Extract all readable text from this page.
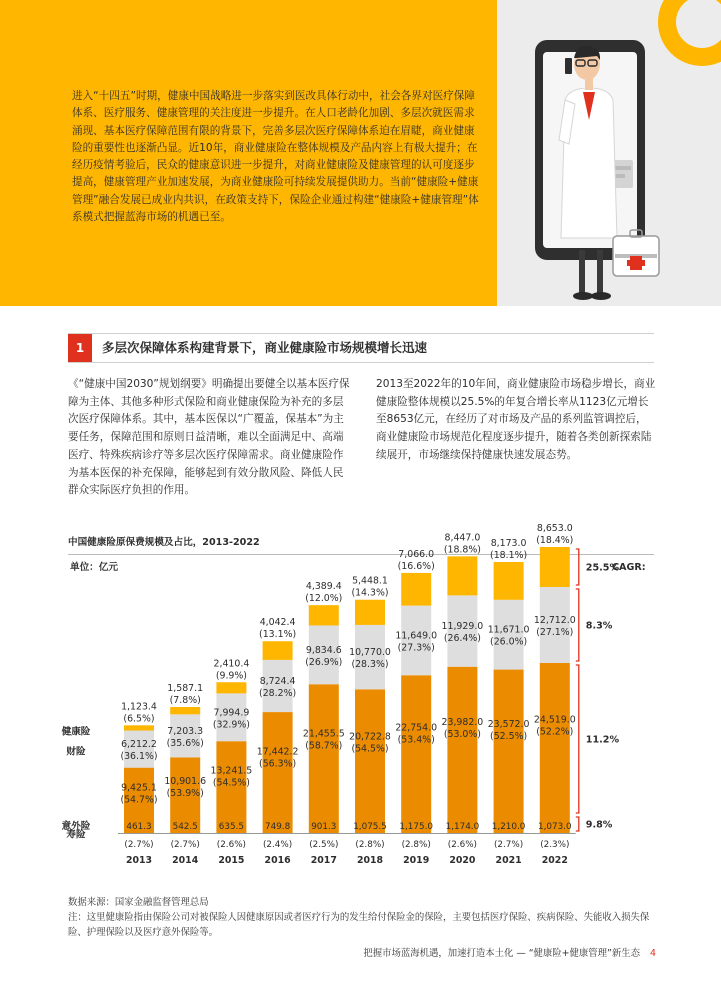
进入“十四五”时期，健康中国战略进一步落实到医改具体行动中，社会各界对医疗保障体系、医疗服务、健康管理的关注度进一步提升。在人口老龄化加剧、多层次就医需求涌现、基本医疗保障范围有限的背景下，完善多层次医疗保障体系迫在眉睫，商业健康险的重要性也逐渐凸显。近10年，商业健康险在整体规模及产品内容上有极大提升；在经历疫情考验后，民众的健康意识进一步提升，对商业健康险及健康管理的认可度逐步提高，健康管理产业加速发展，为商业健康险可持续发展提供助力。当前“健康险+健康管理”融合发展已成业内共识，在政策支持下，保险企业通过构建“健康险+健康管理”体系模式把握蓝海市场的机遇已至。

1	多层次保障体系构建背景下，商业健康险市场规模增长迅速

《“健康中国2030”规划纲要》明确提出要健全以基本医疗保障为主体、其他多种形式保险和商业健康保险为补充的多层次医疗保障体系。其中，基本医保以“广覆盖，保基本”为主要任务，保障范围和原则日益清晰，难以全面满足中、高端医疗、特殊疾病诊疗等多层次医疗保障需求。商业健康险作为基本医保的补充保障，能够起到有效分散风险、降低人民群众实际医疗负担的作用。

2013至2022年的10年间，商业健康险市场稳步增长，商业健康险整体规模以25.5%的年复合增长率从1123亿元增长至8653亿元，在经历了对市场及产品的系列监管调控后，商业健康险市场规范化程度逐步提升，随着各类创新探索陆续展开，市场继续保持健康快速发展态势。

中国健康险原保费规模及占比，2013-2022
单位：亿元	CAGR:
461.3
(2.7%)
2013
9,425.1
(54.7%)
6,212.2
(36.1%)
1,123.4
(6.5%)
542.5
(2.7%)
2014
10,901.6
(53.9%)
7,203.3
(35.6%)
1,587.1
(7.8%)
635.5
(2.6%)
2015
13,241.5
(54.5%)
7,994.9
(32.9%)
2,410.4
(9.9%)
749.8
(2.4%)
2016
17,442.2
(56.3%)
8,724.4
(28.2%)
4,042.4
(13.1%)
901.3
(2.5%)
2017
21,455.5
(58.7%)
9,834.6
(26.9%)
4,389.4
(12.0%)
1,075.5
(2.8%)
2018
20,722.8
(54.5%)
10,770.0
(28.3%)
5,448.1
(14.3%)
1,175.0
(2.8%)
2019
22,754.0
(53.4%)
11,649.0
(27.3%)
7,066.0
(16.6%)
1,174.0
(2.6%)
2020
23,982.0
(53.0%)
11,929.0
(26.4%)
8,447.0
(18.8%)
1,210.0
(2.7%)
2021
23,572.0
(52.5%)
11,671.0
(26.0%)
8,173.0
(18.1%)
1,073.0
(2.3%)
2022
24,519.0
(52.2%)
12,712.0
(27.1%)
8,653.0
(18.4%)
意外险
寿险
财险
健康险
25.5%
8.3%
11.2%
9.8%

数据来源：国家金融监督管理总局

注：这里健康险指由保险公司对被保险人因健康原因或者医疗行为的发生给付保险金的保险，主要包括医疗保险、疾病保险、失能收入损失保险、护理保险以及医疗意外保险等。

把握市场蓝海机遇，加速打造本土化 — “健康险+健康管理”新生态 4
